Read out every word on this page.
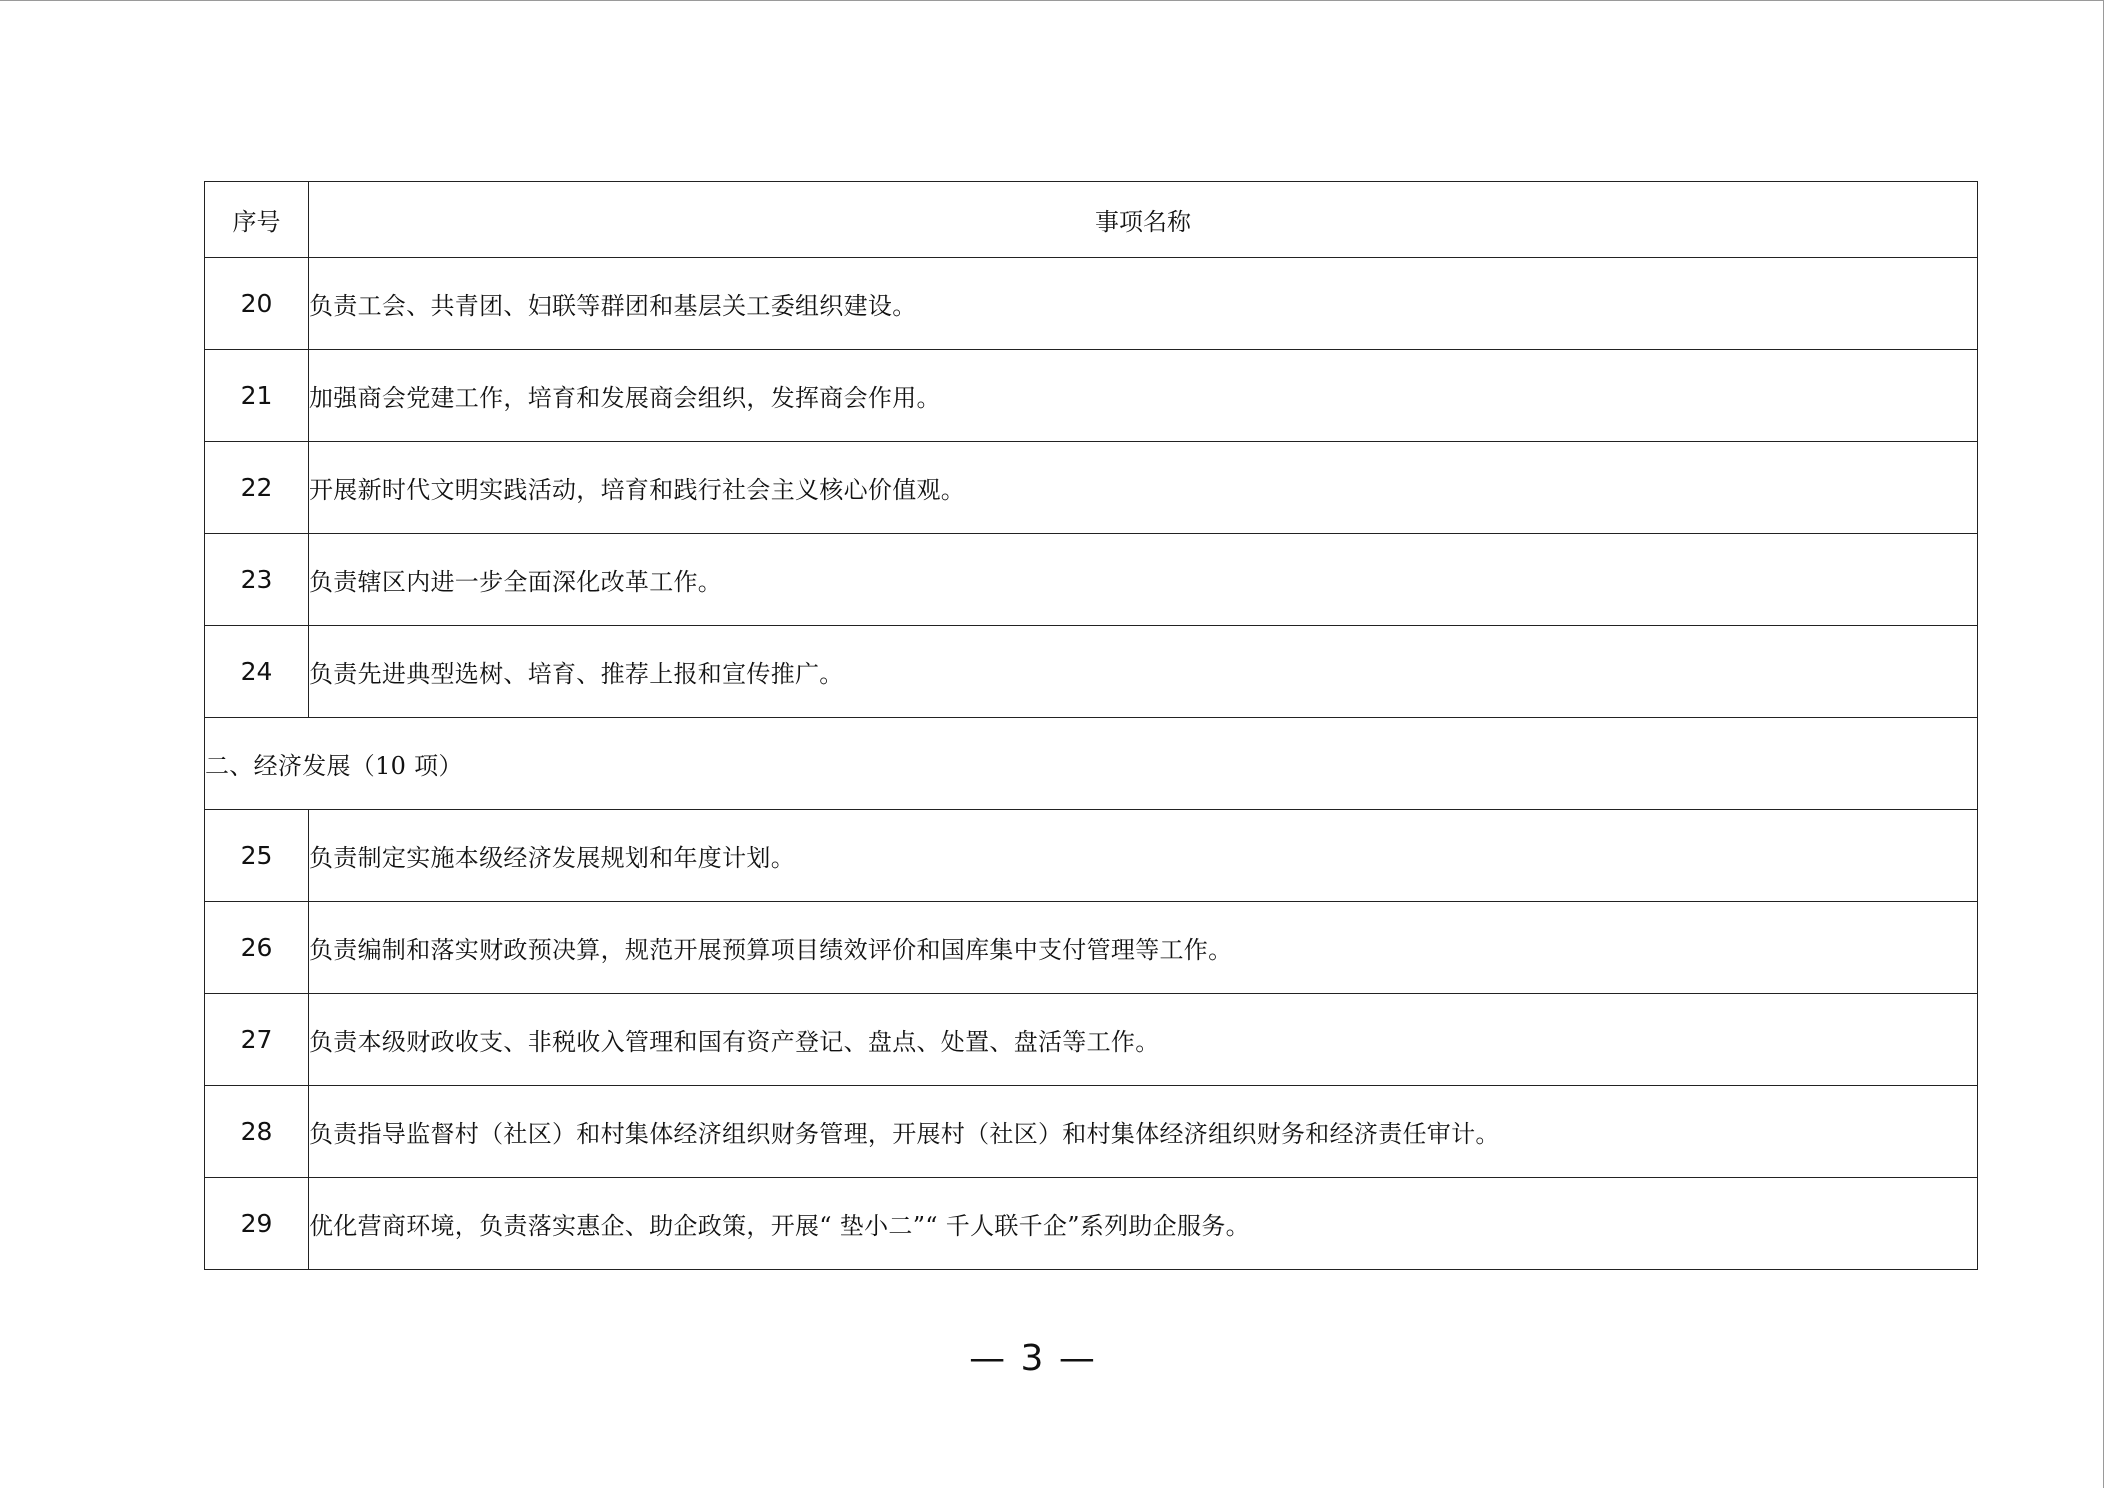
序号	事项名称
20	负责工会、共青团、妇联等群团和基层关工委组织建设。
21	加强商会党建工作，培育和发展商会组织，发挥商会作用。
22	开展新时代文明实践活动，培育和践行社会主义核心价值观。
23	负责辖区内进一步全面深化改革工作。
24	负责先进典型选树、培育、推荐上报和宣传推广。
二、经济发展（10 项）	
25	负责制定实施本级经济发展规划和年度计划。
26	负责编制和落实财政预决算，规范开展预算项目绩效评价和国库集中支付管理等工作。
27	负责本级财政收支、非税收入管理和国有资产登记、盘点、处置、盘活等工作。
28	负责指导监督村（社区）和村集体经济组织财务管理，开展村（社区）和村集体经济组织财务和经济责任审计。
29	优化营商环境，负责落实惠企、助企政策，开展“ 垫小二”“ 千人联千企”系列助企服务。
— 3 —
